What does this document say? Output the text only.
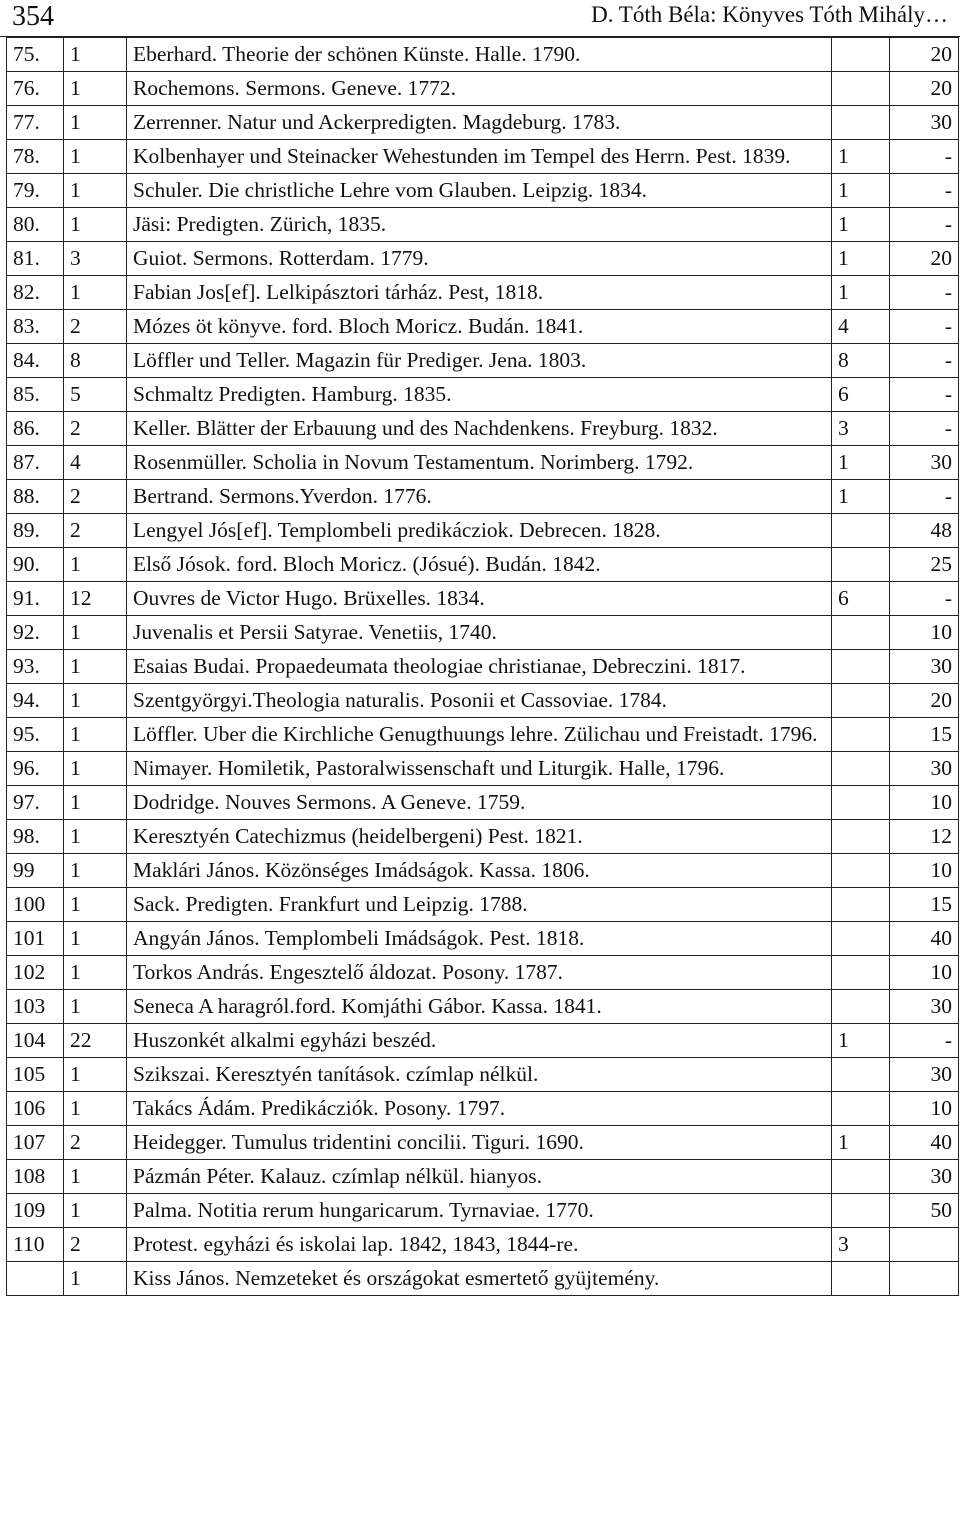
354	D. Tóth Béla: Könyves Tóth Mihály…
75.	1	Eberhard. Theorie der schönen Künste. Halle. 1790.		20
76.	1	Rochemons. Sermons. Geneve. 1772.		20
77.	1	Zerrenner. Natur und Ackerpredigten. Magdeburg. 1783.		30
78.	1	Kolbenhayer und Steinacker Wehestunden im Tempel des Herrn. Pest. 1839.	1	-
79.	1	Schuler. Die christliche Lehre vom Glauben. Leipzig. 1834.	1	-
80.	1	Jäsi: Predigten. Zürich, 1835.	1	-
81.	3	Guiot. Sermons. Rotterdam. 1779.	1	20
82.	1	Fabian Jos[ef]. Lelkipásztori tárház. Pest, 1818.	1	-
83.	2	Mózes öt könyve. ford. Bloch Moricz. Budán. 1841.	4	-
84.	8	Löffler und Teller. Magazin für Prediger. Jena. 1803.	8	-
85.	5	Schmaltz Predigten. Hamburg. 1835.	6	-
86.	2	Keller. Blätter der Erbauung und des Nachdenkens. Freyburg. 1832.	3	-
87.	4	Rosenmüller. Scholia in Novum Testamentum. Norimberg. 1792.	1	30
88.	2	Bertrand. Sermons.Yverdon. 1776.	1	-
89.	2	Lengyel Jós[ef]. Templombeli predikácziok. Debrecen. 1828.		48
90.	1	Első Jósok. ford. Bloch Moricz. (Jósué). Budán. 1842.		25
91.	12	Ouvres de Victor Hugo. Brüxelles. 1834.	6	-
92.	1	Juvenalis et Persii Satyrae. Venetiis, 1740.		10
93.	1	Esaias Budai. Propaedeumata theologiae christianae, Debreczini. 1817.		30
94.	1	Szentgyörgyi.Theologia naturalis. Posonii et Cassoviae. 1784.		20
95.	1	Löffler. Uber die Kirchliche Genugthuungs lehre. Zülichau und Freistadt. 1796.		15
96.	1	Nimayer. Homiletik, Pastoralwissenschaft und Liturgik. Halle, 1796.		30
97.	1	Dodridge. Nouves Sermons. A Geneve. 1759.		10
98.	1	Keresztyén Catechizmus (heidelbergeni) Pest. 1821.		12
99	1	Maklári János. Közönséges Imádságok. Kassa. 1806.		10
100	1	Sack. Predigten. Frankfurt und Leipzig. 1788.		15
101	1	Angyán János. Templombeli Imádságok. Pest. 1818.		40
102	1	Torkos András. Engesztelő áldozat. Posony. 1787.		10
103	1	Seneca A haragról.ford. Komjáthi Gábor. Kassa. 1841.		30
104	22	Huszonkét alkalmi egyházi beszéd.	1	-
105	1	Szikszai. Keresztyén tanítások. czímlap nélkül.		30
106	1	Takács Ádám. Predikácziók. Posony. 1797.		10
107	2	Heidegger. Tumulus tridentini concilii. Tiguri. 1690.	1	40
108	1	Pázmán Péter. Kalauz. czímlap nélkül. hianyos.		30
109	1	Palma. Notitia rerum hungaricarum. Tyrnaviae. 1770.		50
110	2	Protest. egyházi és iskolai lap. 1842, 1843, 1844-re.	3	
	1	Kiss János. Nemzeteket és országokat esmertető gyüjtemény.		
